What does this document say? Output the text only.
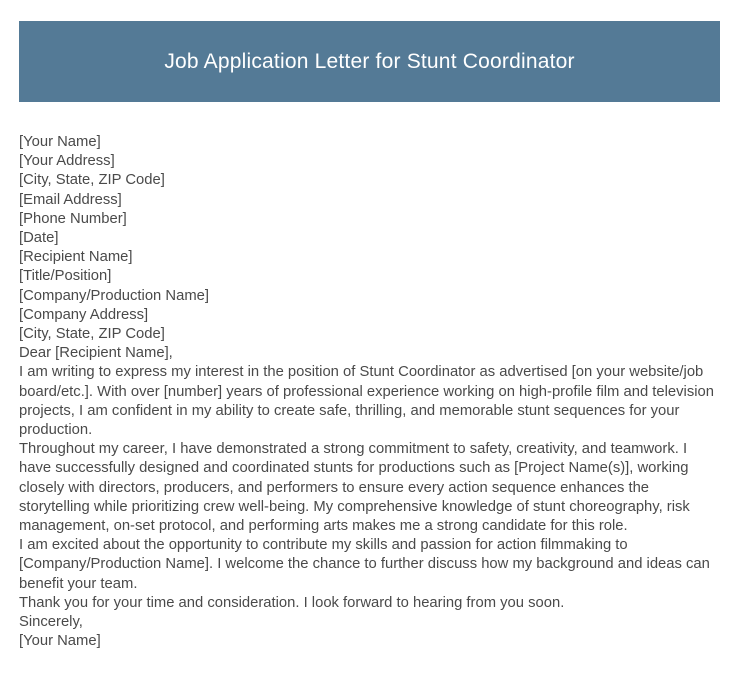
Job Application Letter for Stunt Coordinator
[Your Name]
[Your Address]
[City, State, ZIP Code]
[Email Address]
[Phone Number]
[Date]
[Recipient Name]
[Title/Position]
[Company/Production Name]
[Company Address]
[City, State, ZIP Code]
Dear [Recipient Name],
I am writing to express my interest in the position of Stunt Coordinator as advertised [on your website/job board/etc.]. With over [number] years of professional experience working on high-profile film and television projects, I am confident in my ability to create safe, thrilling, and memorable stunt sequences for your production.
Throughout my career, I have demonstrated a strong commitment to safety, creativity, and teamwork. I have successfully designed and coordinated stunts for productions such as [Project Name(s)], working closely with directors, producers, and performers to ensure every action sequence enhances the storytelling while prioritizing crew well-being. My comprehensive knowledge of stunt choreography, risk management, on-set protocol, and performing arts makes me a strong candidate for this role.
I am excited about the opportunity to contribute my skills and passion for action filmmaking to [Company/Production Name]. I welcome the chance to further discuss how my background and ideas can benefit your team.
Thank you for your time and consideration. I look forward to hearing from you soon.
Sincerely,
[Your Name]
